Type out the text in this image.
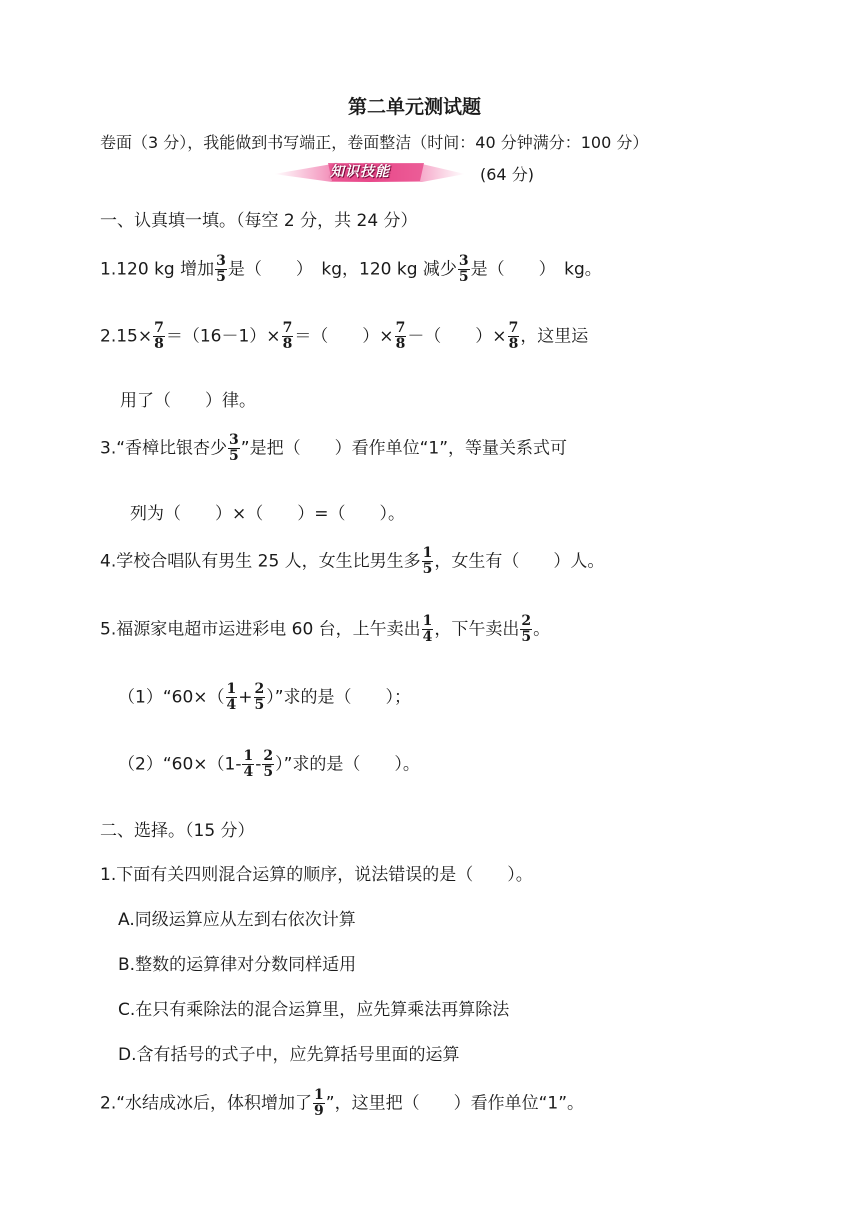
第二单元测试题
卷面（3 分），我能做到书写端正，卷面整洁（时间：40 分钟满分：100 分）
知识技能	(64 分)
一、认真填一填。（每空 2 分，共 24 分）
1.120 kg 增加 $\frac{3}{5}$ 是（　　）　kg，120 kg 减少 $\frac{3}{5}$ 是（　　）　kg。
$2.15\times \frac{7}{8} =(16-1)\times \frac{7}{8}$ ＝（　　）× $\frac{7}{8}$ －（　　）× $\frac{7}{8}$ ，这里运
用了（　　）律。
3.“香樟比银杏少 $\frac{3}{5}$ ”是把（　　）看作单位“1”，等量关系式可
列为（　　）×（　　）=（　　）。
4.学校合唱队有男生 25 人，女生比男生多 $\frac{1}{5}$ ，女生有（　　）人。
5.福源家电超市运进彩电 60 台，上午卖出 $\frac{1}{4}$ ，下午卖出 $\frac{2}{5}$ 。
（1）“60×（ $\frac{1}{4} + \frac{2}{5}$ ）”求的是（　　）；
（2）“60×（1- $\frac{1}{4} - \frac{2}{5}$ ）”求的是（　　）。
二、选择。（15 分）
1.下面有关四则混合运算的顺序，说法错误的是（　　）。
A.同级运算应从左到右依次计算
B.整数的运算律对分数同样适用
C.在只有乘除法的混合运算里，应先算乘法再算除法
D.含有括号的式子中，应先算括号里面的运算
2.“水结成冰后，体积增加了 $\frac{1}{9}$ ”，这里把（　　）看作单位“1”。
